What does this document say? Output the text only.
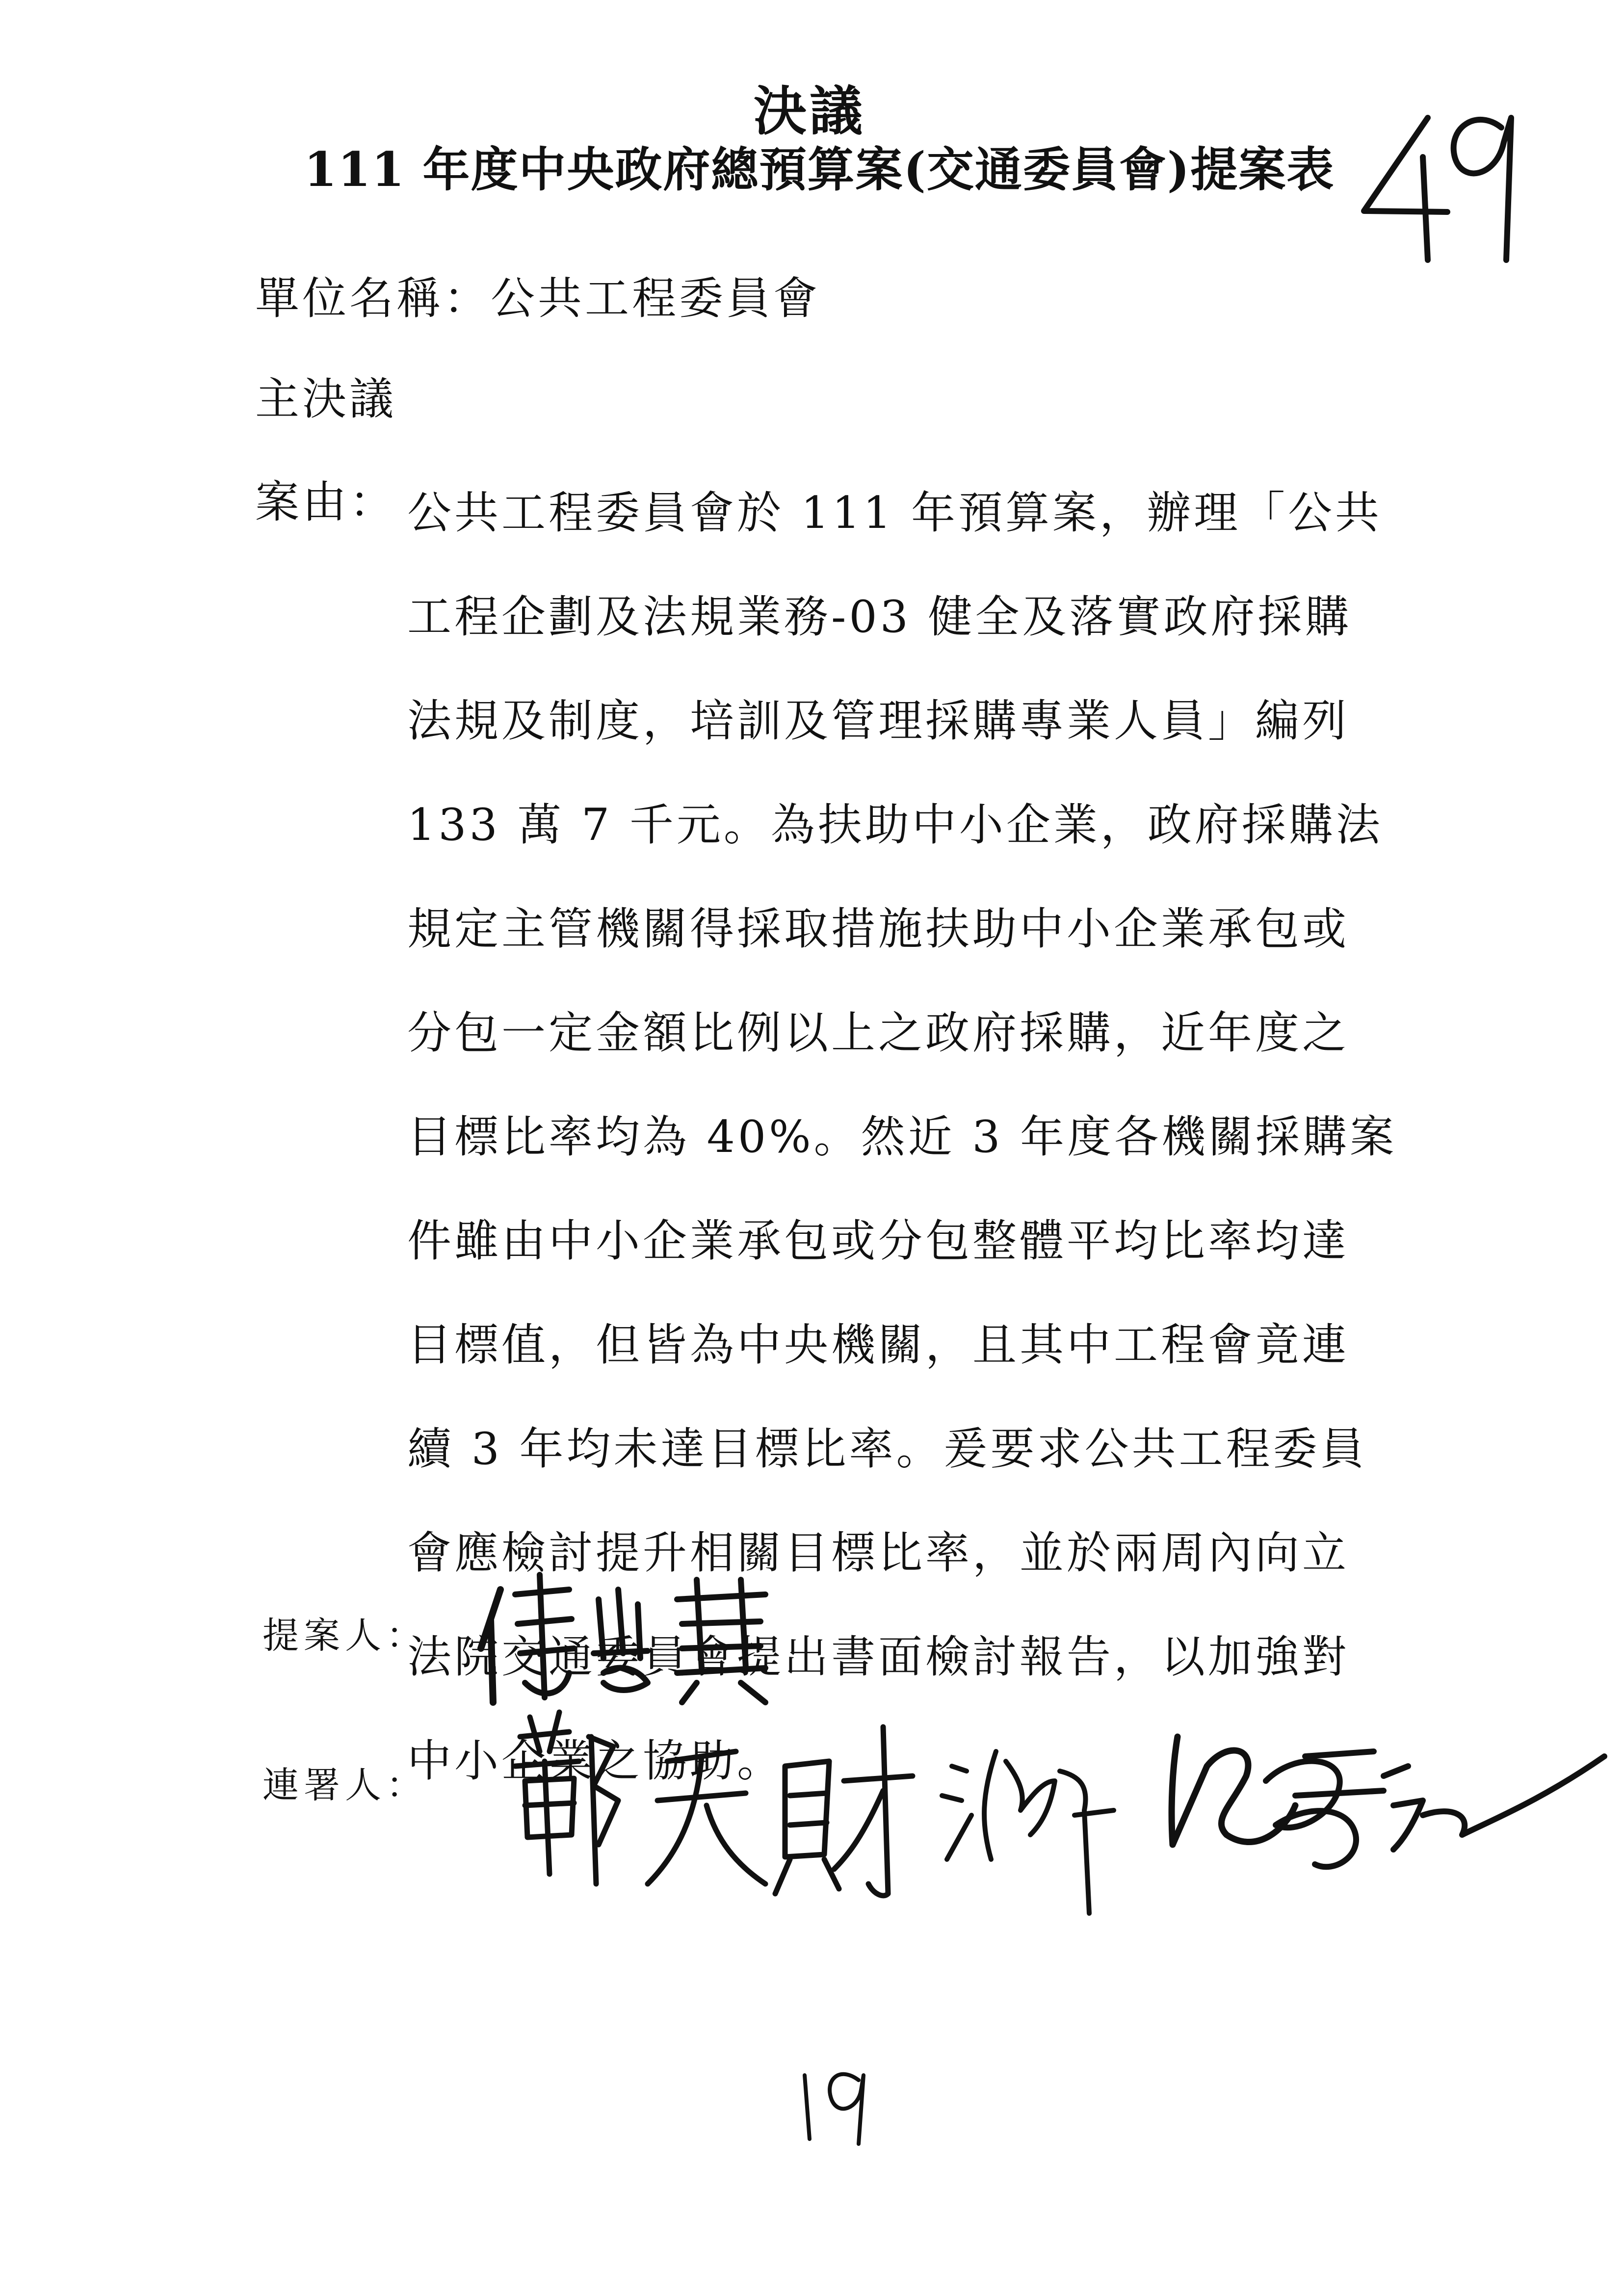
決議
111 年度中央政府總預算案(交通委員會)提案表
單位名稱：公共工程委員會
主決議
案由： 公共工程委員會於 111 年預算案，辦理「公共
工程企劃及法規業務-03 健全及落實政府採購
法規及制度，培訓及管理採購專業人員」編列
133 萬 7 千元。為扶助中小企業，政府採購法
規定主管機關得採取措施扶助中小企業承包或
分包一定金額比例以上之政府採購，近年度之
目標比率均為 40%。然近 3 年度各機關採購案
件雖由中小企業承包或分包整體平均比率均達
目標值，但皆為中央機關，且其中工程會竟連
續 3 年均未達目標比率。爰要求公共工程委員
會應檢討提升相關目標比率，並於兩周內向立
法院交通委員會提出書面檢討報告，以加強對
中小企業之協助。
提案人：
連署人：
